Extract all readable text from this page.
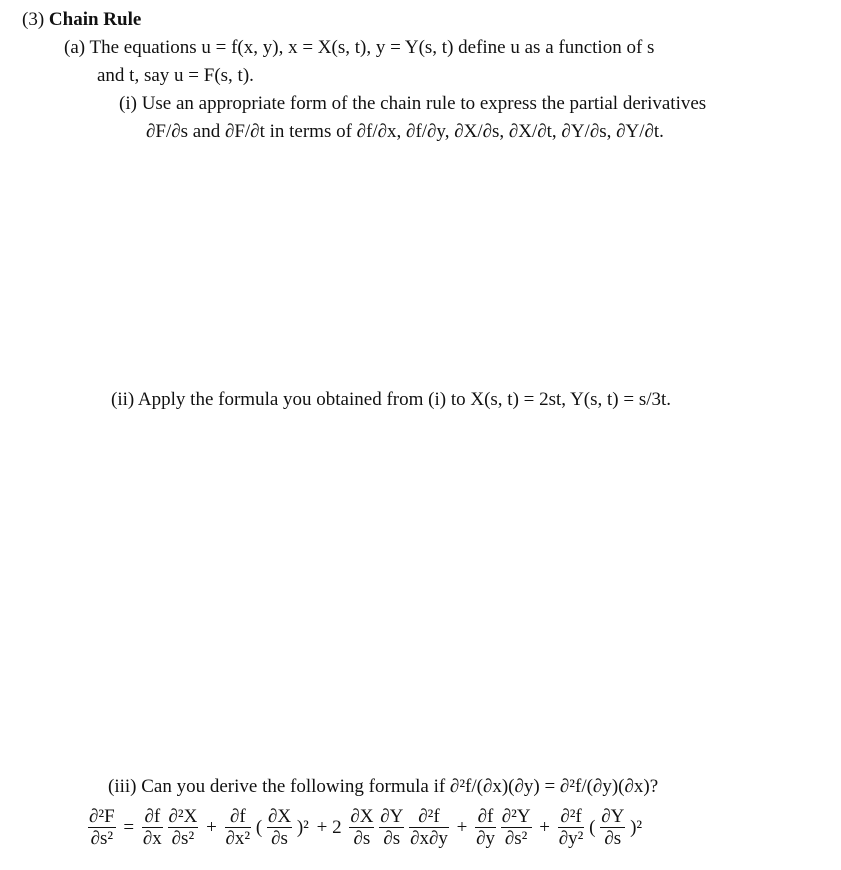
(3) Chain Rule
(a) The equations u = f(x, y), x = X(s, t), y = Y(s, t) define u as a function of s
and t, say u = F(s, t).
(i) Use an appropriate form of the chain rule to express the partial derivatives
∂F/∂s and ∂F/∂t in terms of ∂f/∂x, ∂f/∂y, ∂X/∂s, ∂X/∂t, ∂Y/∂s, ∂Y/∂t.
(ii) Apply the formula you obtained from (i) to X(s, t) = 2st, Y(s, t) = s/3t.
(iii) Can you derive the following formula if ∂²f/(∂x)(∂y) = ∂²f/(∂y)(∂x)?
$\frac{\text{∂²F}}{\text{∂s²}} = \frac{\partial f}{\partial x}$
$\frac{\text{∂²X}}{\text{∂s²}} + \frac{\partial f}{\text{∂x²}}$ ( $\frac{\partial X}{\partial s} )^2 + 2 \frac{\partial X}{\partial s}$
$\frac{\partial Y}{\partial s}$
$\frac{\text{∂²f}}{\partial x\partial y} + \frac{\partial f}{\partial y}$
$\frac{\text{∂²Y}}{\text{∂s²}} + \frac{\text{∂²f}}{\text{∂y²}}$ ( $\frac{\partial Y}{\partial s} )^2$
